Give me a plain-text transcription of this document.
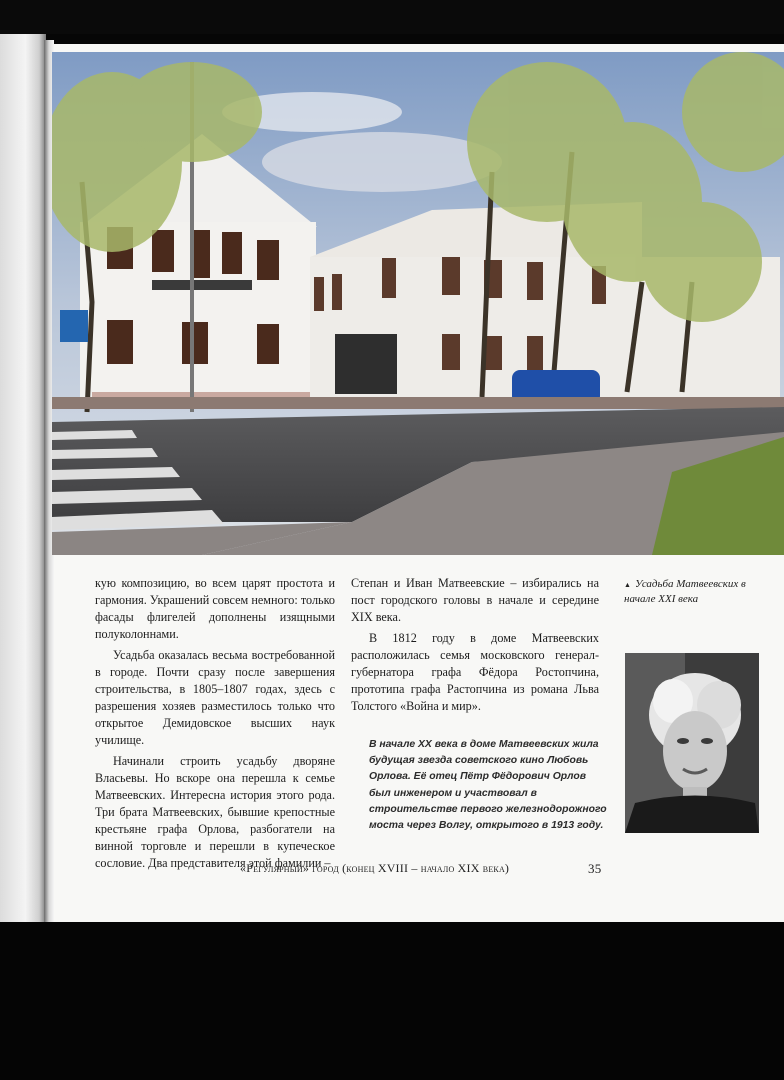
кую композицию, во всем царят простота и гармония. Украшений совсем немного: только фасады флигелей дополнены изящными полуколоннами.

Усадьба оказалась весьма востребованной в городе. Почти сразу после завершения строительства, в 1805–1807 годах, здесь с разрешения хозяев разместилось только что открытое Демидовское высших наук училище.

Начинали строить усадьбу дворяне Власьевы. Но вскоре она перешла к семье Матвеевских. Интересна история этого рода. Три брата Матвеевских, бывшие крепостные крестьяне графа Орлова, разбогатели на винной торговле и перешли в купеческое сословие. Два представителя этой фамилии –

Степан и Иван Матвеевские – избирались на пост городского головы в начале и середине XIX века.

В 1812 году в доме Матвеевских расположилась семья московского генерал-губернатора графа Фёдора Ростопчина, прототипа графа Растопчина из романа Льва Толстого «Война и мир».

В начале XX века в доме Матвеевских жила будущая звезда советского кино Любовь Орлова. Её отец Пётр Фёдорович Орлов был инженером и участвовал в строительстве первого железнодорожного моста через Волгу, открытого в 1913 году.
▲ Усадьба Матвеевских в начале XXI века
«Регулярный» город (конец XVIII – начало XIX века)	35
